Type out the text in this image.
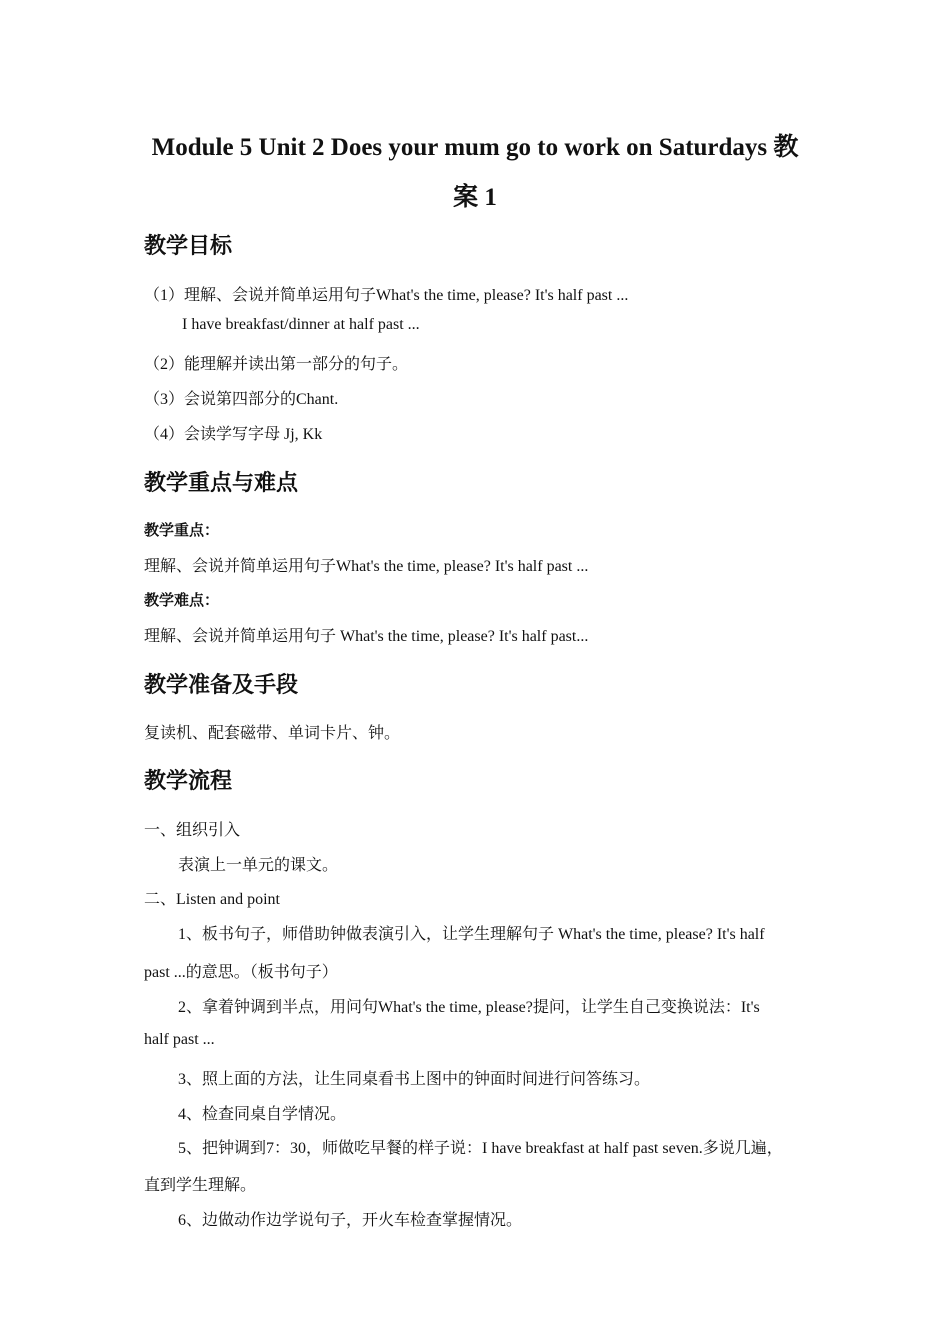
Module 5 Unit 2 Does your mum go to work on Saturdays 教
案 1
教学目标
（1）理解、会说并简单运用句子What's the time, please? It's half past ...
I have breakfast/dinner at half past ...
（2）能理解并读出第一部分的句子。
（3）会说第四部分的Chant.
（4）会读学写字母 Jj, Kk
教学重点与难点
教学重点：
理解、会说并简单运用句子What's the time, please? It's half past ...
教学难点：
理解、会说并简单运用句子 What's the time, please? It's half past...
教学准备及手段
复读机、配套磁带、单词卡片、钟。
教学流程
一、组织引入
表演上一单元的课文。
二、Listen and point
1、板书句子，师借助钟做表演引入，让学生理解句子 What's the time, please? It's half
past ...的意思。（板书句子）
2、拿着钟调到半点，用问句What's the time, please?提问，让学生自己变换说法：It's
half past ...
3、照上面的方法，让生同桌看书上图中的钟面时间进行问答练习。
4、检查同桌自学情况。
5、把钟调到7：30，师做吃早餐的样子说：I have breakfast at half past seven.多说几遍，
直到学生理解。
6、边做动作边学说句子，开火车检查掌握情况。
